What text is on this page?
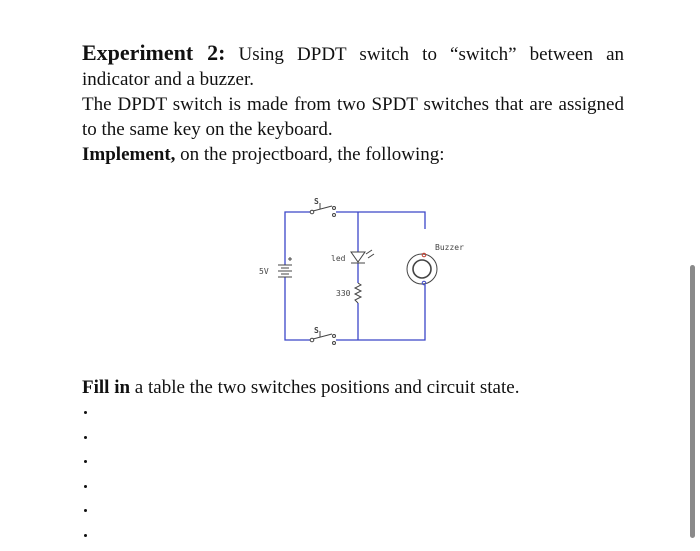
Experiment 2: Using DPDT switch to “switch” between an indicator and a buzzer.

The DPDT switch is made from two SPDT switches that are assigned to the same key on the keyboard.

Implement, on the projectboard, the following:

S
S
5V
led
330
Buzzer

Fill in a table the two switches positions and circuit state.
